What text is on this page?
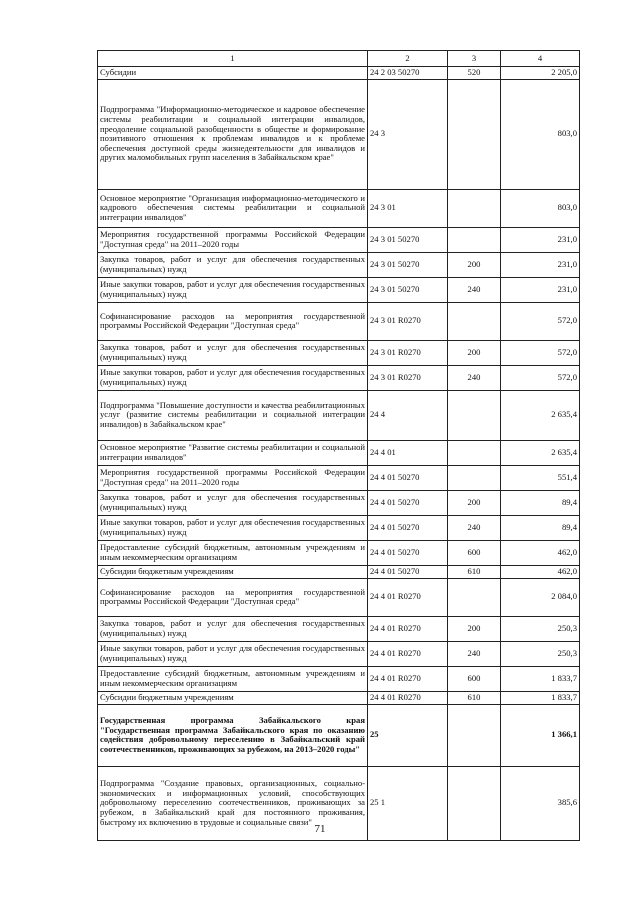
1	2	3	4
Субсидии	24 2 03 50270	520	2 205,0
Подпрограмма "Информационно-методическое и кадровое обеспечение системы реабилитации и социальной интеграции инвалидов, преодоление социальной разобщенности в обществе и формирование позитивного отношения к проблемам инвалидов и к проблеме обеспечения доступной среды жизнедеятельности для инвалидов и других маломобильных групп населения в Забайкальском крае"	24 3		803,0
Основное мероприятие "Организация информационно-методического и кадрового обеспечения системы реабилитации и социальной интеграции инвалидов"	24 3 01		803,0
Мероприятия государственной программы Российской Федерации "Доступная среда" на 2011–2020 годы	24 3 01 50270		231,0
Закупка товаров, работ и услуг для обеспечения государственных (муниципальных) нужд	24 3 01 50270	200	231,0
Иные закупки товаров, работ и услуг для обеспечения государственных (муниципальных) нужд	24 3 01 50270	240	231,0
Софинансирование расходов на мероприятия государственной программы Российской Федерации "Доступная среда"	24 3 01 R0270		572,0
Закупка товаров, работ и услуг для обеспечения государственных (муниципальных) нужд	24 3 01 R0270	200	572,0
Иные закупки товаров, работ и услуг для обеспечения государственных (муниципальных) нужд	24 3 01 R0270	240	572,0
Подпрограмма "Повышение доступности и качества реабилитационных услуг (развитие системы реабилитации и социальной интеграции инвалидов) в Забайкальском крае"	24 4		2 635,4
Основное мероприятие "Развитие системы реабилитации и социальной интеграции инвалидов"	24 4 01		2 635,4
Мероприятия государственной программы Российской Федерации "Доступная среда" на 2011–2020 годы	24 4 01 50270		551,4
Закупка товаров, работ и услуг для обеспечения государственных (муниципальных) нужд	24 4 01 50270	200	89,4
Иные закупки товаров, работ и услуг для обеспечения государственных (муниципальных) нужд	24 4 01 50270	240	89,4
Предоставление субсидий бюджетным, автономным учреждениям и иным некоммерческим организациям	24 4 01 50270	600	462,0
Субсидии бюджетным учреждениям	24 4 01 50270	610	462,0
Софинансирование расходов на мероприятия государственной программы Российской Федерации "Доступная среда"	24 4 01 R0270		2 084,0
Закупка товаров, работ и услуг для обеспечения государственных (муниципальных) нужд	24 4 01 R0270	200	250,3
Иные закупки товаров, работ и услуг для обеспечения государственных (муниципальных) нужд	24 4 01 R0270	240	250,3
Предоставление субсидий бюджетным, автономным учреждениям и иным некоммерческим организациям	24 4 01 R0270	600	1 833,7
Субсидии бюджетным учреждениям	24 4 01 R0270	610	1 833,7
Государственная программа Забайкальского края "Государственная программа Забайкальского края по оказанию содействия добровольному переселению в Забайкальский край соотечественников, проживающих за рубежом, на 2013–2020 годы"	25		1 366,1
Подпрограмма "Создание правовых, организационных, социально-экономических и информационных условий, способствующих добровольному переселению соотечественников, проживающих за рубежом, в Забайкальский край для постоянного проживания, быстрому их включению в трудовые и социальные связи"	25 1		385,6
71
